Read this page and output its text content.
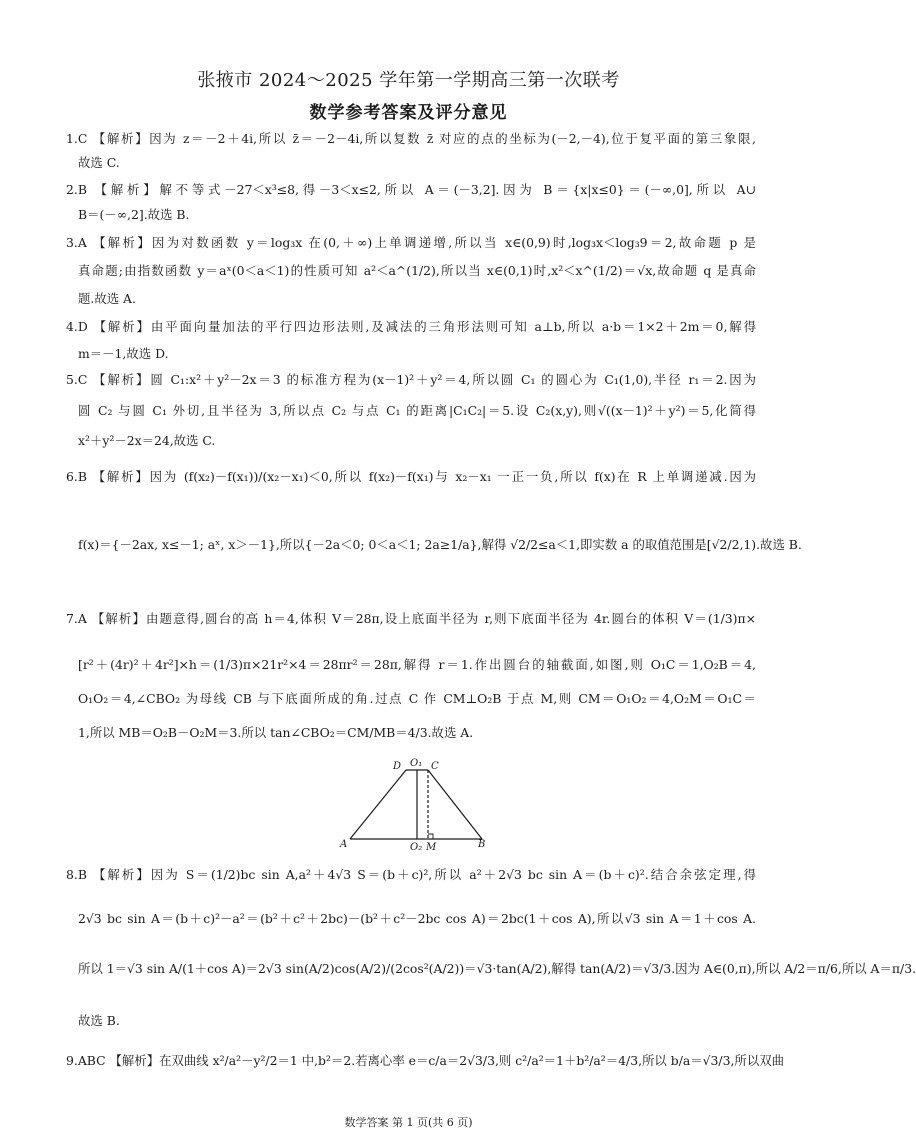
张掖市 2024～2025 学年第一学期高三第一次联考
数学参考答案及评分意见
1.C 【解析】因为 z＝－2＋4i,所以 z̄＝－2－4i,所以复数 z̄ 对应的点的坐标为(－2,－4),位于复平面的第三象限,
故选 C.
2.B 【解析】解不等式－27＜x³≤8,得－3＜x≤2,所以 A＝(－3,2].因为 B＝{x|x≤0}＝(－∞,0],所以 A∪
B＝(－∞,2].故选 B.
3.A 【解析】因为对数函数 y＝log₃x 在(0,＋∞)上单调递增,所以当 x∈(0,9)时,log₃x＜log₃9＝2,故命题 p 是
真命题;由指数函数 y＝aˣ(0＜a＜1)的性质可知 a²＜a^(1/2),所以当 x∈(0,1)时,x²＜x^(1/2)＝√x,故命题 q 是真命
题.故选 A.
4.D 【解析】由平面向量加法的平行四边形法则,及减法的三角形法则可知 a⊥b,所以 a·b＝1×2＋2m＝0,解得
m＝－1,故选 D.
5.C 【解析】圆 C₁:x²＋y²－2x＝3 的标准方程为(x－1)²＋y²＝4,所以圆 C₁ 的圆心为 C₁(1,0),半径 r₁＝2.因为
圆 C₂ 与圆 C₁ 外切,且半径为 3,所以点 C₂ 与点 C₁ 的距离|C₁C₂|＝5.设 C₂(x,y),则√((x－1)²＋y²)＝5,化简得
x²＋y²－2x＝24,故选 C.
6.B 【解析】因为 (f(x₂)－f(x₁))/(x₂－x₁)＜0,所以 f(x₂)－f(x₁)与 x₂－x₁ 一正一负,所以 f(x)在 R 上单调递减.因为
f(x)＝{－2ax, x≤－1; aˣ, x＞－1},所以{－2a＜0; 0＜a＜1; 2a≥1/a},解得 √2/2≤a＜1,即实数 a 的取值范围是[√2/2,1).故选 B.
7.A 【解析】由题意得,圆台的高 h＝4,体积 V＝28π,设上底面半径为 r,则下底面半径为 4r.圆台的体积 V＝(1/3)π×
[r²＋(4r)²＋4r²]×h＝(1/3)π×21r²×4＝28πr²＝28π,解得 r＝1.作出圆台的轴截面,如图,则 O₁C＝1,O₂B＝4,
O₁O₂＝4,∠CBO₂ 为母线 CB 与下底面所成的角.过点 C 作 CM⊥O₂B 于点 M,则 CM＝O₁O₂＝4,O₂M＝O₁C＝
1,所以 MB＝O₂B－O₂M＝3.所以 tan∠CBO₂＝CM/MB＝4/3.故选 A.
D O₁ C
A	O₂ M	B
8.B 【解析】因为 S＝(1/2)bc sin A,a²＋4√3 S＝(b＋c)²,所以 a²＋2√3 bc sin A＝(b＋c)².结合余弦定理,得
2√3 bc sin A＝(b＋c)²－a²＝(b²＋c²＋2bc)－(b²＋c²－2bc cos A)＝2bc(1＋cos A),所以√3 sin A＝1＋cos A.
所以 1＝√3 sin A/(1＋cos A)＝2√3 sin(A/2)cos(A/2)/(2cos²(A/2))＝√3·tan(A/2),解得 tan(A/2)＝√3/3.因为 A∈(0,π),所以 A/2＝π/6,所以 A＝π/3.
故选 B.
9.ABC 【解析】在双曲线 x²/a²－y²/2＝1 中,b²＝2.若离心率 e＝c/a＝2√3/3,则 c²/a²＝1＋b²/a²＝4/3,所以 b/a＝√3/3,所以双曲
数学答案 第 1 页(共 6 页)
